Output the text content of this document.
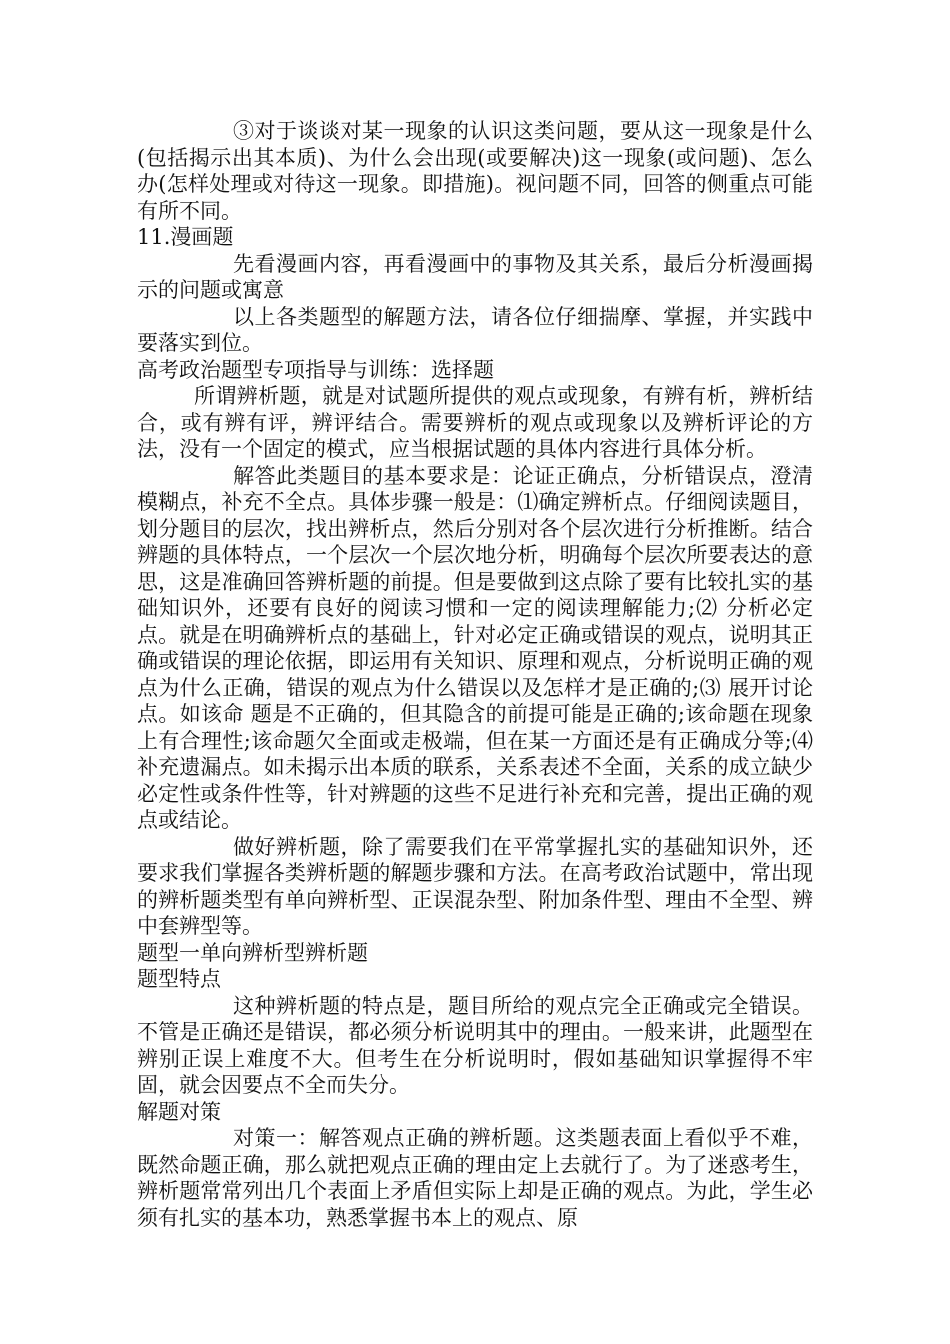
③对于谈谈对某一现象的认识这类问题，要从这一现象是什么(包括揭示出其本质)、为什么会出现(或要解决)这一现象(或问题)、怎么办(怎样处理或对待这一现象。即措施)。视问题不同，回答的侧重点可能有所不同。

11.漫画题

先看漫画内容，再看漫画中的事物及其关系，最后分析漫画揭示的问题或寓意

以上各类题型的解题方法，请各位仔细揣摩、掌握，并实践中要落实到位。

高考政治题型专项指导与训练：选择题

所谓辨析题，就是对试题所提供的观点或现象，有辨有析，辨析结合，或有辨有评，辨评结合。需要辨析的观点或现象以及辨析评论的方法，没有一个固定的模式，应当根据试题的具体内容进行具体分析。

解答此类题目的基本要求是：论证正确点，分析错误点，澄清模糊点，补充不全点。具体步骤一般是：⑴确定辨析点。仔细阅读题目，划分题目的层次，找出辨析点，然后分别对各个层次进行分析推断。结合辨题的具体特点，一个层次一个层次地分析，明确每个层次所要表达的意思，这是准确回答辨析题的前提。但是要做到这点除了要有比较扎实的基础知识外，还要有良好的阅读习惯和一定的阅读理解能力;⑵ 分析必定点。就是在明确辨析点的基础上，针对必定正确或错误的观点，说明其正确或错误的理论依据，即运用有关知识、原理和观点，分析说明正确的观点为什么正确，错误的观点为什么错误以及怎样才是正确的;⑶ 展开讨论点。如该命 题是不正确的，但其隐含的前提可能是正确的;该命题在现象上有合理性;该命题欠全面或走极端，但在某一方面还是有正确成分等;⑷ 补充遗漏点。如未揭示出本质的联系，关系表述不全面，关系的成立缺少必定性或条件性等，针对辨题的这些不足进行补充和完善，提出正确的观点或结论。

做好辨析题，除了需要我们在平常掌握扎实的基础知识外，还要求我们掌握各类辨析题的解题步骤和方法。在高考政治试题中，常出现的辨析题类型有单向辨析型、正误混杂型、附加条件型、理由不全型、辨中套辨型等。

题型一单向辨析型辨析题

题型特点

这种辨析题的特点是，题目所给的观点完全正确或完全错误。不管是正确还是错误，都必须分析说明其中的理由。一般来讲，此题型在辨别正误上难度不大。但考生在分析说明时，假如基础知识掌握得不牢固，就会因要点不全而失分。

解题对策

对策一：解答观点正确的辨析题。这类题表面上看似乎不难，既然命题正确，那么就把观点正确的理由定上去就行了。为了迷惑考生，辨析题常常列出几个表面上矛盾但实际上却是正确的观点。为此，学生必须有扎实的基本功，熟悉掌握书本上的观点、原
